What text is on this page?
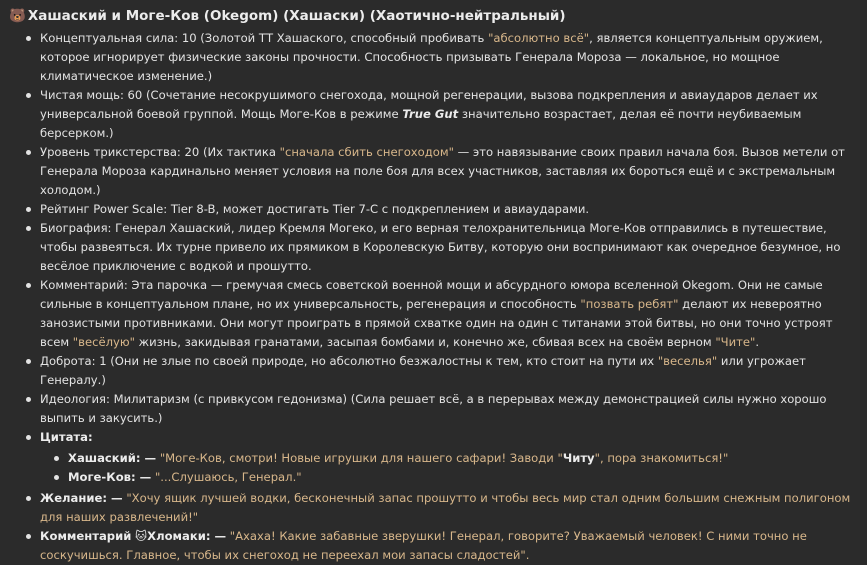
🐻 Хашаский и Моге-Ков (Okegom) (Хашаски) (Хаотично-нейтральный)
Концептуальная сила: 10 (Золотой ТТ Хашаского, способный пробивать "абсолютно всё", является концептуальным оружием, которое игнорирует физические законы прочности. Способность призывать Генерала Мороза — локальное, но мощное климатическое изменение.)
Чистая мощь: 60 (Сочетание несокрушимого снегохода, мощной регенерации, вызова подкрепления и авиаударов делает их универсальной боевой группой. Мощь Моге-Ков в режиме True Gut значительно возрастает, делая её почти неубиваемым берсерком.)
Уровень трикстерства: 20 (Их тактика "сначала сбить снегоходом" — это навязывание своих правил начала боя. Вызов метели от Генерала Мороза кардинально меняет условия на поле боя для всех участников, заставляя их бороться ещё и с экстремальным холодом.)
Рейтинг Power Scale: Tier 8-B, может достигать Tier 7-C с подкреплением и авиаударами.
Биография: Генерал Хашаский, лидер Кремля Могеко, и его верная телохранительница Моге-Ков отправились в путешествие, чтобы развеяться. Их турне привело их прямиком в Королевскую Битву, которую они воспринимают как очередное безумное, но весёлое приключение с водкой и прошутто.
Комментарий: Эта парочка — гремучая смесь советской военной мощи и абсурдного юмора вселенной Okegom. Они не самые сильные в концептуальном плане, но их универсальность, регенерация и способность "позвать ребят" делают их невероятно занозистыми противниками. Они могут проиграть в прямой схватке один на один с титанами этой битвы, но они точно устроят всем "весёлую" жизнь, закидывая гранатами, засыпая бомбами и, конечно же, сбивая всех на своём верном "Чите".
Доброта: 1 (Они не злые по своей природе, но абсолютно безжалостны к тем, кто стоит на пути их "веселья" или угрожает Генералу.)
Идеология: Милитаризм (с привкусом гедонизма) (Сила решает всё, а в перерывах между демонстрацией силы нужно хорошо выпить и закусить.)
Цитата:
Хашаский: — "Моге-Ков, смотри! Новые игрушки для нашего сафари! Заводи "Читу", пора знакомиться!"
Моге-Ков: — "...Слушаюсь, Генерал."
Желание: — "Хочу ящик лучшей водки, бесконечный запас прошутто и чтобы весь мир стал одним большим снежным полигоном для наших развлечений!"
Комментарий 🐱Хломаки: — "Ахаха! Какие забавные зверушки! Генерал, говорите? Уважаемый человек! С ними точно не соскучишься. Главное, чтобы их снегоход не переехал мои запасы сладостей".
